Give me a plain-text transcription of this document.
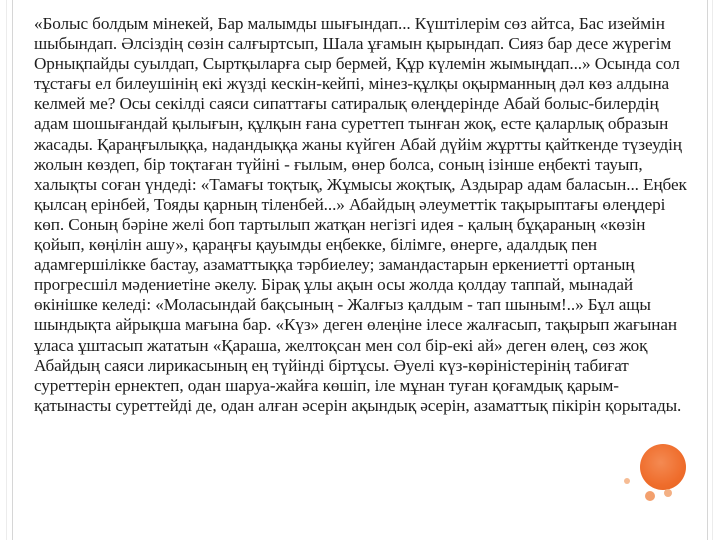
«Болыс болдым мінекей, Бар малымды шығындап... Күштілерім сөз айтса, Бас изеймін шыбындап. Әлсіздің сөзін салғыртсып, Шала ұғамын қырындап. Сияз бар десе жүрегім Орнықпайды суылдап, Сыртқыларға сыр бермей, Құр күлемін жымыңдап...» Осында сол тұстағы ел билеушінің екі жүзді кескін-кейпі, мінез-құлқы оқырманның дәл көз алдына келмей ме? Осы секілді саяси сипаттағы сатиралық өлеңдерінде Абай болыс-билердің адам шошығандай қылығын, құлқын ғана суреттеп тынған жоқ, есте қаларлық образын жасады. Қараңғылыққа, надандыққа жаны күйген Абай дүйім жұртты қайткенде түзеудің жолын көздеп, бір тоқтаған түйіні - ғылым, өнер болса, соның ізінше еңбекті тауып, халықты соған үндеді: «Тамағы тоқтық, Жұмысы жоқтық, Аздырар адам баласын... Еңбек қылсаң ерінбей, Тояды қарның тіленбей...» Абайдың әлеуметтік тақырыптағы өлеңдері көп. Соның бәріне желі боп тартылып жатқан негізгі идея - қалың бұқараның «көзін қойып, көңілін ашу», қараңғы қауымды еңбекке, білімге, өнерге, адалдық пен адамгершілікке бастау, азаматтыққа тәрбиелеу; замандастарын еркениетті ортаның прогресшіл мәдениетіне әкелу. Бірақ ұлы ақын осы жолда қолдау таппай, мынадай өкінішке келеді: «Моласындай бақсының - Жалғыз қалдым - тап шыным!..» Бұл ащы шындықта айрықша мағына бар. «Күз» деген өлеңіне ілесе жалғасып, тақырып жағынан ұласа ұштасып жататын «Қараша, желтоқсан мен сол бір-екі ай» деген өлең, сөз жоқ Абайдың саяси лирикасының ең түйінді біртұсы. Әуелі күз-көріністерінің табиғат суреттерін ернектеп, одан шаруа-жайға көшіп, іле мұнан туған қоғамдық қарым-қатынасты суреттейді де, одан алған әсерін ақындық әсерін, азаматтық пікірін қорытады.
